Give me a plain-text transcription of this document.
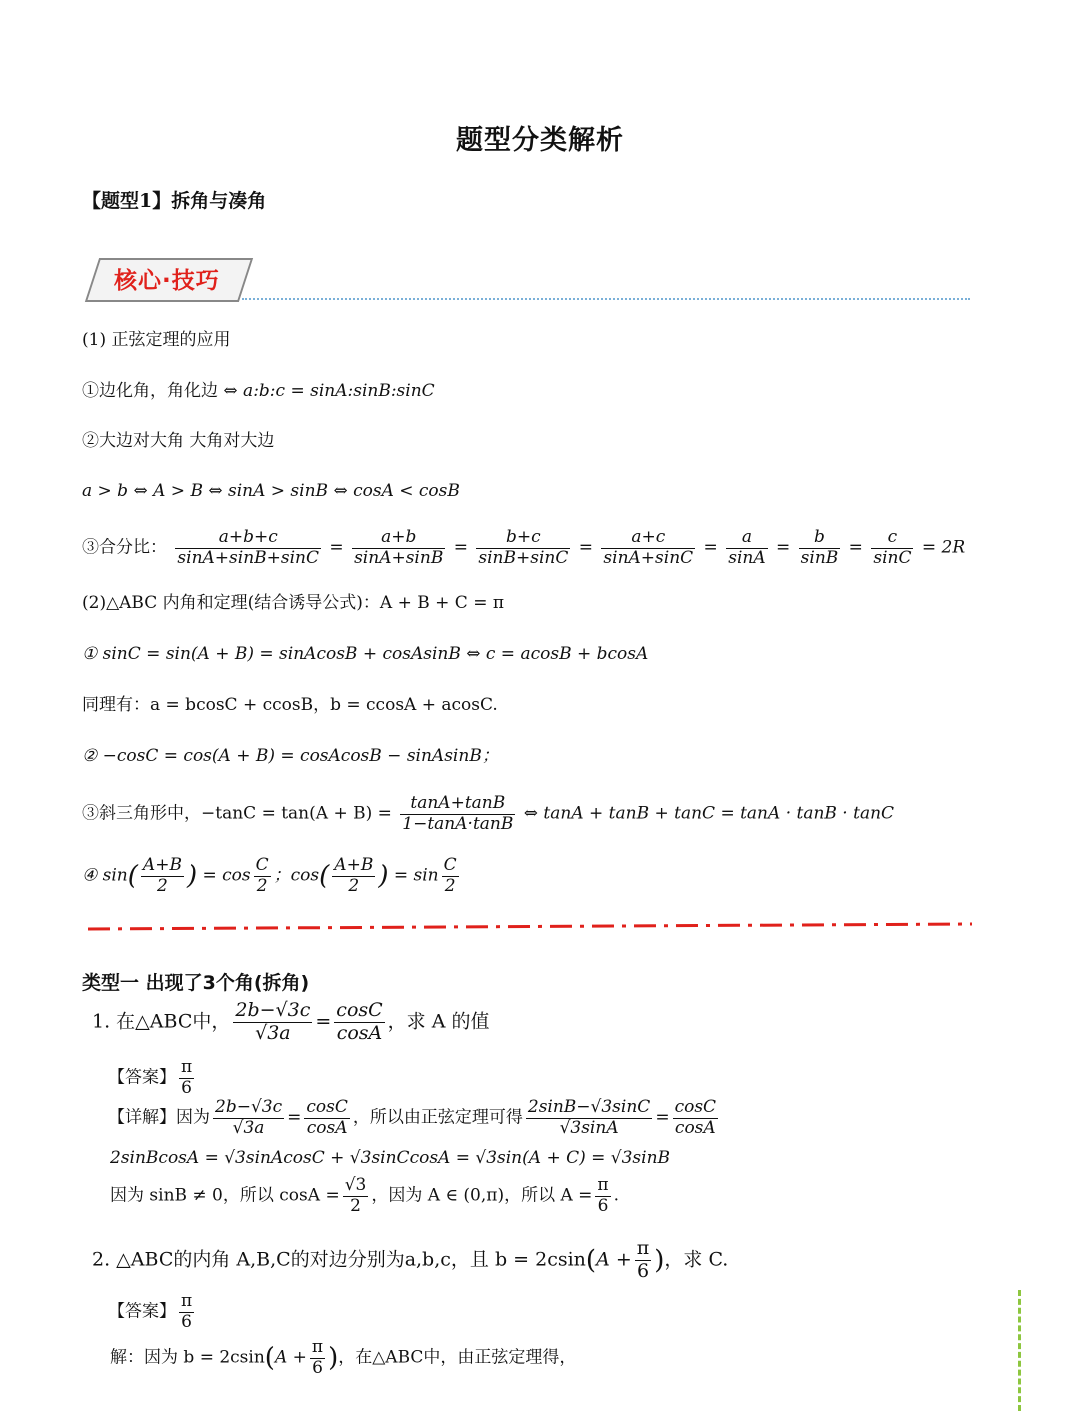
题型分类解析
【题型1】拆角与凑角
核心·技巧
(1) 正弦定理的应用
①边化角，角化边 ⇔ a:b:c = sinA:sinB:sinC
②大边对大角 大角对大边
a > b ⇔ A > B ⇔ sinA > sinB ⇔ cosA < cosB
③合分比： $\frac{a+b+c}{\sin A+\sin B+\sin C} = \frac{a+b}{\sin A+\sin B} = \frac{b+c}{\sin B+\sin C} = \frac{a+c}{\sin A+\sin C} = \frac{a}{\sin A} = \frac{b}{\sin B} = \frac{c}{\sin C} = 2R$
(2)△ABC 内角和定理(结合诱导公式)：A + B + C = π
① sinC = sin(A + B) = sinAcosB + cosAsinB ⇔ c = acosB + bcosA
同理有：a = bcosC + ccosB，b = ccosA + acosC.
② −cosC = cos(A + B) = cosAcosB − sinAsinB；
③斜三角形中，$-\tan C = \tan(A + B) = \frac{\tan A+\tan B}{1-\tan A\cdot\tan B}$ ⇔ tanA + tanB + tanC = tanA · tanB · tanC
④ $\sin( \frac{A+B}{2}$ ) = $\cos \frac{C}{2}$ ；$\cos( \frac{A+B}{2}$ ) = $\sin \frac{C}{2}$
类型一 出现了3个角(拆角)
1. 在△ABC中， $\frac{2b-√3c}{√3a} = \frac{\cos C}{\cos A}$ ，求 A 的值
【答案】 $\frac{\pi}{6}$
【详解】因为 $\frac{2b-√3c}{√3a} = \frac{\cos C}{\cos A}$ ，所以由正弦定理可得 $\frac{2\sin B-√3\sin C}{√3\sin A} = \frac{\cos C}{\cos A}$
2sinBcosA = √3sinAcosC + √3sinCcosA = √3sin(A + C) = √3sinB
因为 sinB ≠ 0，所以 $\cos A = \frac{√3}{2}$ ，因为 A ∈ (0,π)，所以 $A = \frac{\pi}{6}$ .
2. △ABC的内角 A,B,C的对边分别为a,b,c，且 $b = 2csin(A + \frac{\pi}{6}$ )，求 C.
【答案】 $\frac{\pi}{6}$
解：因为 $b = 2csin(A + \frac{\pi}{6}$ )，在△ABC中，由正弦定理得，
